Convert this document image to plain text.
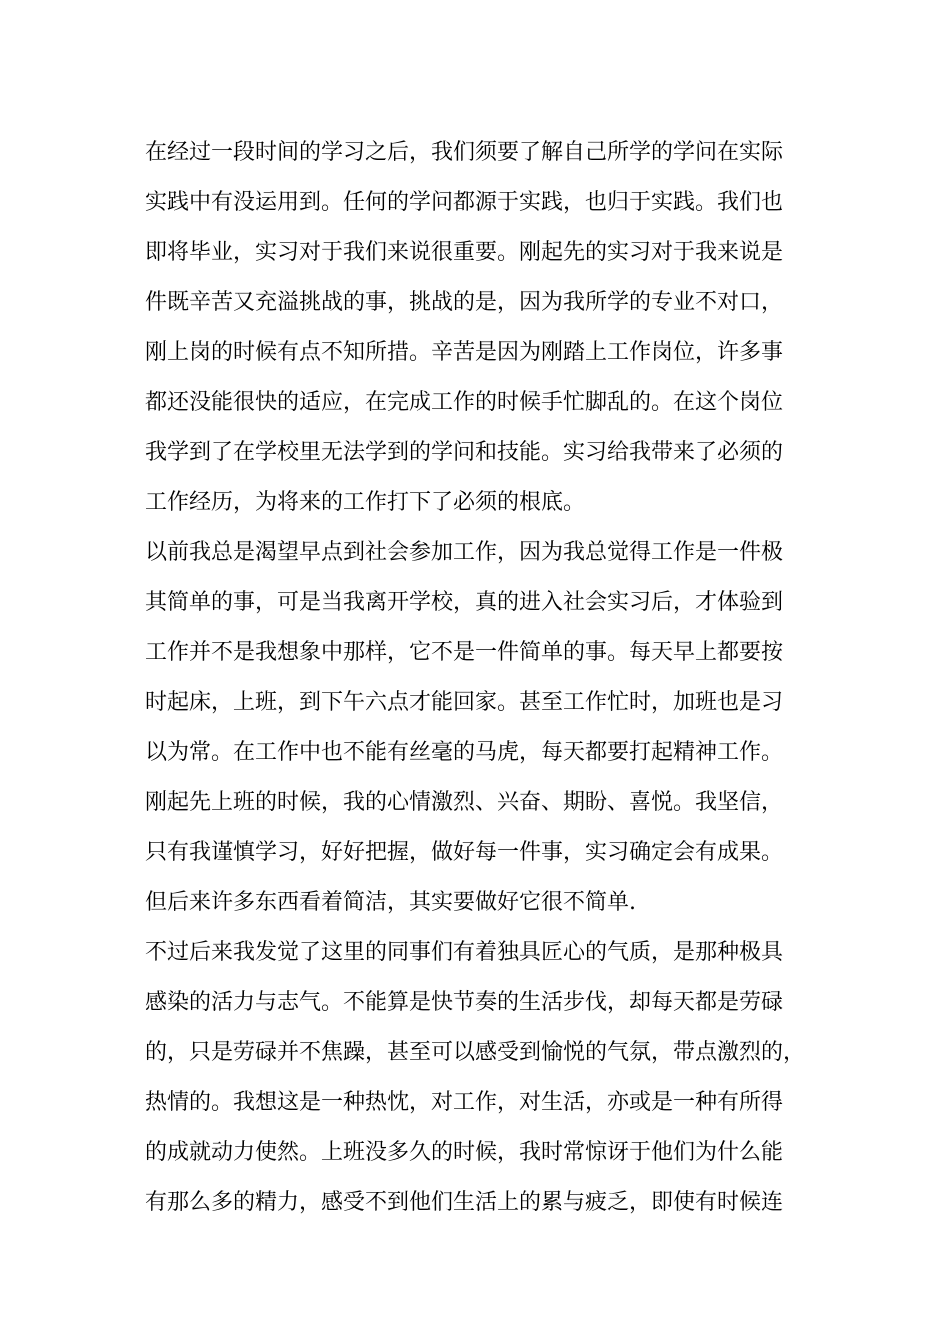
在经过一段时间的学习之后，我们须要了解自己所学的学问在实际
实践中有没运用到。任何的学问都源于实践，也归于实践。我们也
即将毕业，实习对于我们来说很重要。刚起先的实习对于我来说是
件既辛苦又充溢挑战的事，挑战的是，因为我所学的专业不对口，
刚上岗的时候有点不知所措。辛苦是因为刚踏上工作岗位，许多事
都还没能很快的适应，在完成工作的时候手忙脚乱的。在这个岗位
我学到了在学校里无法学到的学问和技能。实习给我带来了必须的
工作经历，为将来的工作打下了必须的根底。
以前我总是渴望早点到社会参加工作，因为我总觉得工作是一件极
其简单的事，可是当我离开学校，真的进入社会实习后，才体验到
工作并不是我想象中那样，它不是一件简单的事。每天早上都要按
时起床，上班，到下午六点才能回家。甚至工作忙时，加班也是习
以为常。在工作中也不能有丝毫的马虎，每天都要打起精神工作。
刚起先上班的时候，我的心情激烈、兴奋、期盼、喜悦。我坚信，
只有我谨慎学习，好好把握，做好每一件事，实习确定会有成果。
但后来许多东西看着简洁，其实要做好它很不简单.
不过后来我发觉了这里的同事们有着独具匠心的气质，是那种极具
感染的活力与志气。不能算是快节奏的生活步伐，却每天都是劳碌
的，只是劳碌并不焦躁，甚至可以感受到愉悦的气氛，带点激烈的，
热情的。我想这是一种热忱，对工作，对生活，亦或是一种有所得
的成就动力使然。上班没多久的时候，我时常惊讶于他们为什么能
有那么多的精力，感受不到他们生活上的累与疲乏，即使有时候连
